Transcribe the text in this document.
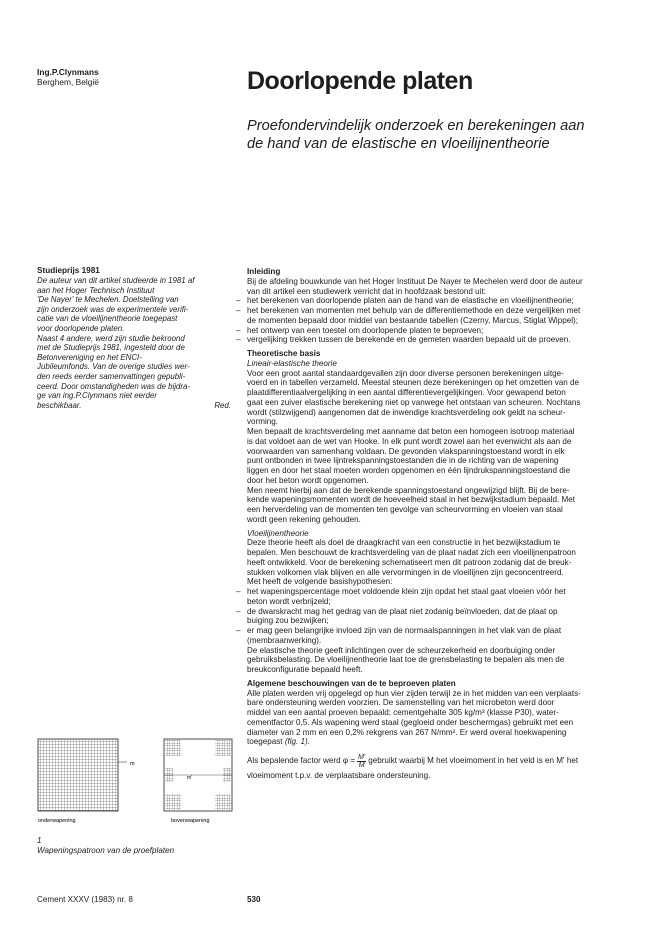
Ing.P.Clynmans
Berghem, België	Doorlopende platen
Proefondervindelijk onderzoek en berekeningen aan
de hand van de elastische en vloeilijnentheorie
Studieprijs 1981
De auteur van dit artikel studeerde in 1981 af
aan het Hoger Technisch Instituut
'De Nayer' te Mechelen. Doelstelling van
zijn onderzoek was de experimentele verifi-
catie van de vloeilijnentheorie toegepast
voor doorlopende platen.
Naast 4 andere, werd zijn studie bekroond
met de Studieprijs 1981, ingesteld door de
Betonvereniging en het ENCI-
Jubileumfonds. Van de overige studies wer-
den reeds eerder samenvattingen gepubli-
ceerd. Door omstandigheden was de bijdra-
ge van ing.P.Clynmans niet eerder
beschikbaar.	Red.
Inleiding
Bij de afdeling bouwkunde van het Hoger Instituut De Nayer te Mechelen werd door de auteur
van dit artikel een studiewerk verricht dat in hoofdzaak bestond uit:
– het berekenen van doorlopende platen aan de hand van de elastische en vloeilijnentheorie;
– het berekenen van momenten met behulp van de differentiemethode en deze vergelijken met
de momenten bepaald door middel van bestaande tabellen (Czerny, Marcus, Stiglat Wippel);
– het ontwerp van een toestel om doorlopende platen te beproeven;
– vergelijking trekken tussen de berekende en de gemeten waarden bepaald uit de proeven.
Theoretische basis
Lineair-elastische theorie
Voor een groot aantal standaardgevallen zijn door diverse personen berekeningen uitge-
voerd en in tabellen verzameld. Meestal steunen deze berekeningen op het omzetten van de
plaatdifferentiaalvergelijking in een aantal differentievergelijkingen. Voor gewapend beton
gaat een zuiver elastische berekening niet op vanwege het ontstaan van scheuren. Nochtans
wordt (stilzwijgend) aangenomen dat de inwendige krachtsverdeling ook geldt na scheur-
vorming.
Men bepaalt de krachtsverdeling met aanname dat beton een homogeen isotroop materiaal
is dat voldoet aan de wet van Hooke. In elk punt wordt zowel aan het evenwicht als aan de
voorwaarden van samenhang voldaan. De gevonden vlakspanningstoestand wordt in elk
punt ontbonden in twee lijntrekspanningstoestanden die in de richting van de wapening
liggen en door het staal moeten worden opgenomen en één lijndrukspanningstoestand die
door het beton wordt opgenomen.
Men neemt hierbij aan dat de berekende spanningstoestand ongewijzigd blijft. Bij de bere-
kende wapeningsmomenten wordt de hoeveelheid staal in het bezwijkstadium bepaald. Met
een herverdeling van de momenten ten gevolge van scheurvorming en vloeien van staal
wordt geen rekening gehouden.
Vloeilijnentheorie
Deze theorie heeft als doel de draagkracht van een constructie in het bezwijkstadium te
bepalen. Men beschouwt de krachtsverdeling van de plaat nadat zich een vloeilijnenpatroon
heeft ontwikkeld. Voor de berekening schematiseert men dit patroon zodanig dat de breuk-
stukken volkomen vlak blijven en alle vervormingen in de vloeilijnen zijn geconcentreerd.
Met heeft de volgende basishypothesen:
– het wapeningspercentage moet voldoende klein zijn opdat het staal gaat vloeien vóór het
beton wordt verbrijzeld;
– de dwarskracht mag het gedrag van de plaat niet zodanig beïnvloeden, dat de plaat op
buiging zou bezwijken;
– er mag geen belangrijke invloed zijn van de normaalspanningen in het vlak van de plaat
(membraanwerking).
De elastische theorie geeft inlichtingen over de scheurzekerheid en doorbuiging onder
gebruiksbelasting. De vloeilijnentheorie laat toe de grensbelasting te bepalen als men de
breukconfiguratie bepaald heeft.
Algemene beschouwingen van de te beproeven platen
Alle platen werden vrij opgelegd op hun vier zijden terwijl ze in het midden van een verplaats-
bare ondersteuning werden voorzien. De samenstelling van het microbeton werd door
middel van een aantal proeven bepaald; cementgehalte 305 kg/m³ (klasse P30), water-
cementfactor 0,5. Als wapening werd staal (gegloeid onder beschermgas) gebruikt met een
diameter van 2 mm en een 0,2% rekgrens van 267 N/mm². Er werd overal hoekwapening
toegepast (fig. 1).
Als bepalende factor werd $\varphi = \frac{M'}{M}$ gebruikt waarbij M het vloeimoment in het veld is en M' het
vloeimoment t.p.v. de verplaatsbare ondersteuning.
m
m'
onderwapening	bovenwapening
1
Wapeningspatroon van de proefplaten
Cement XXXV (1983) nr. 8	530
